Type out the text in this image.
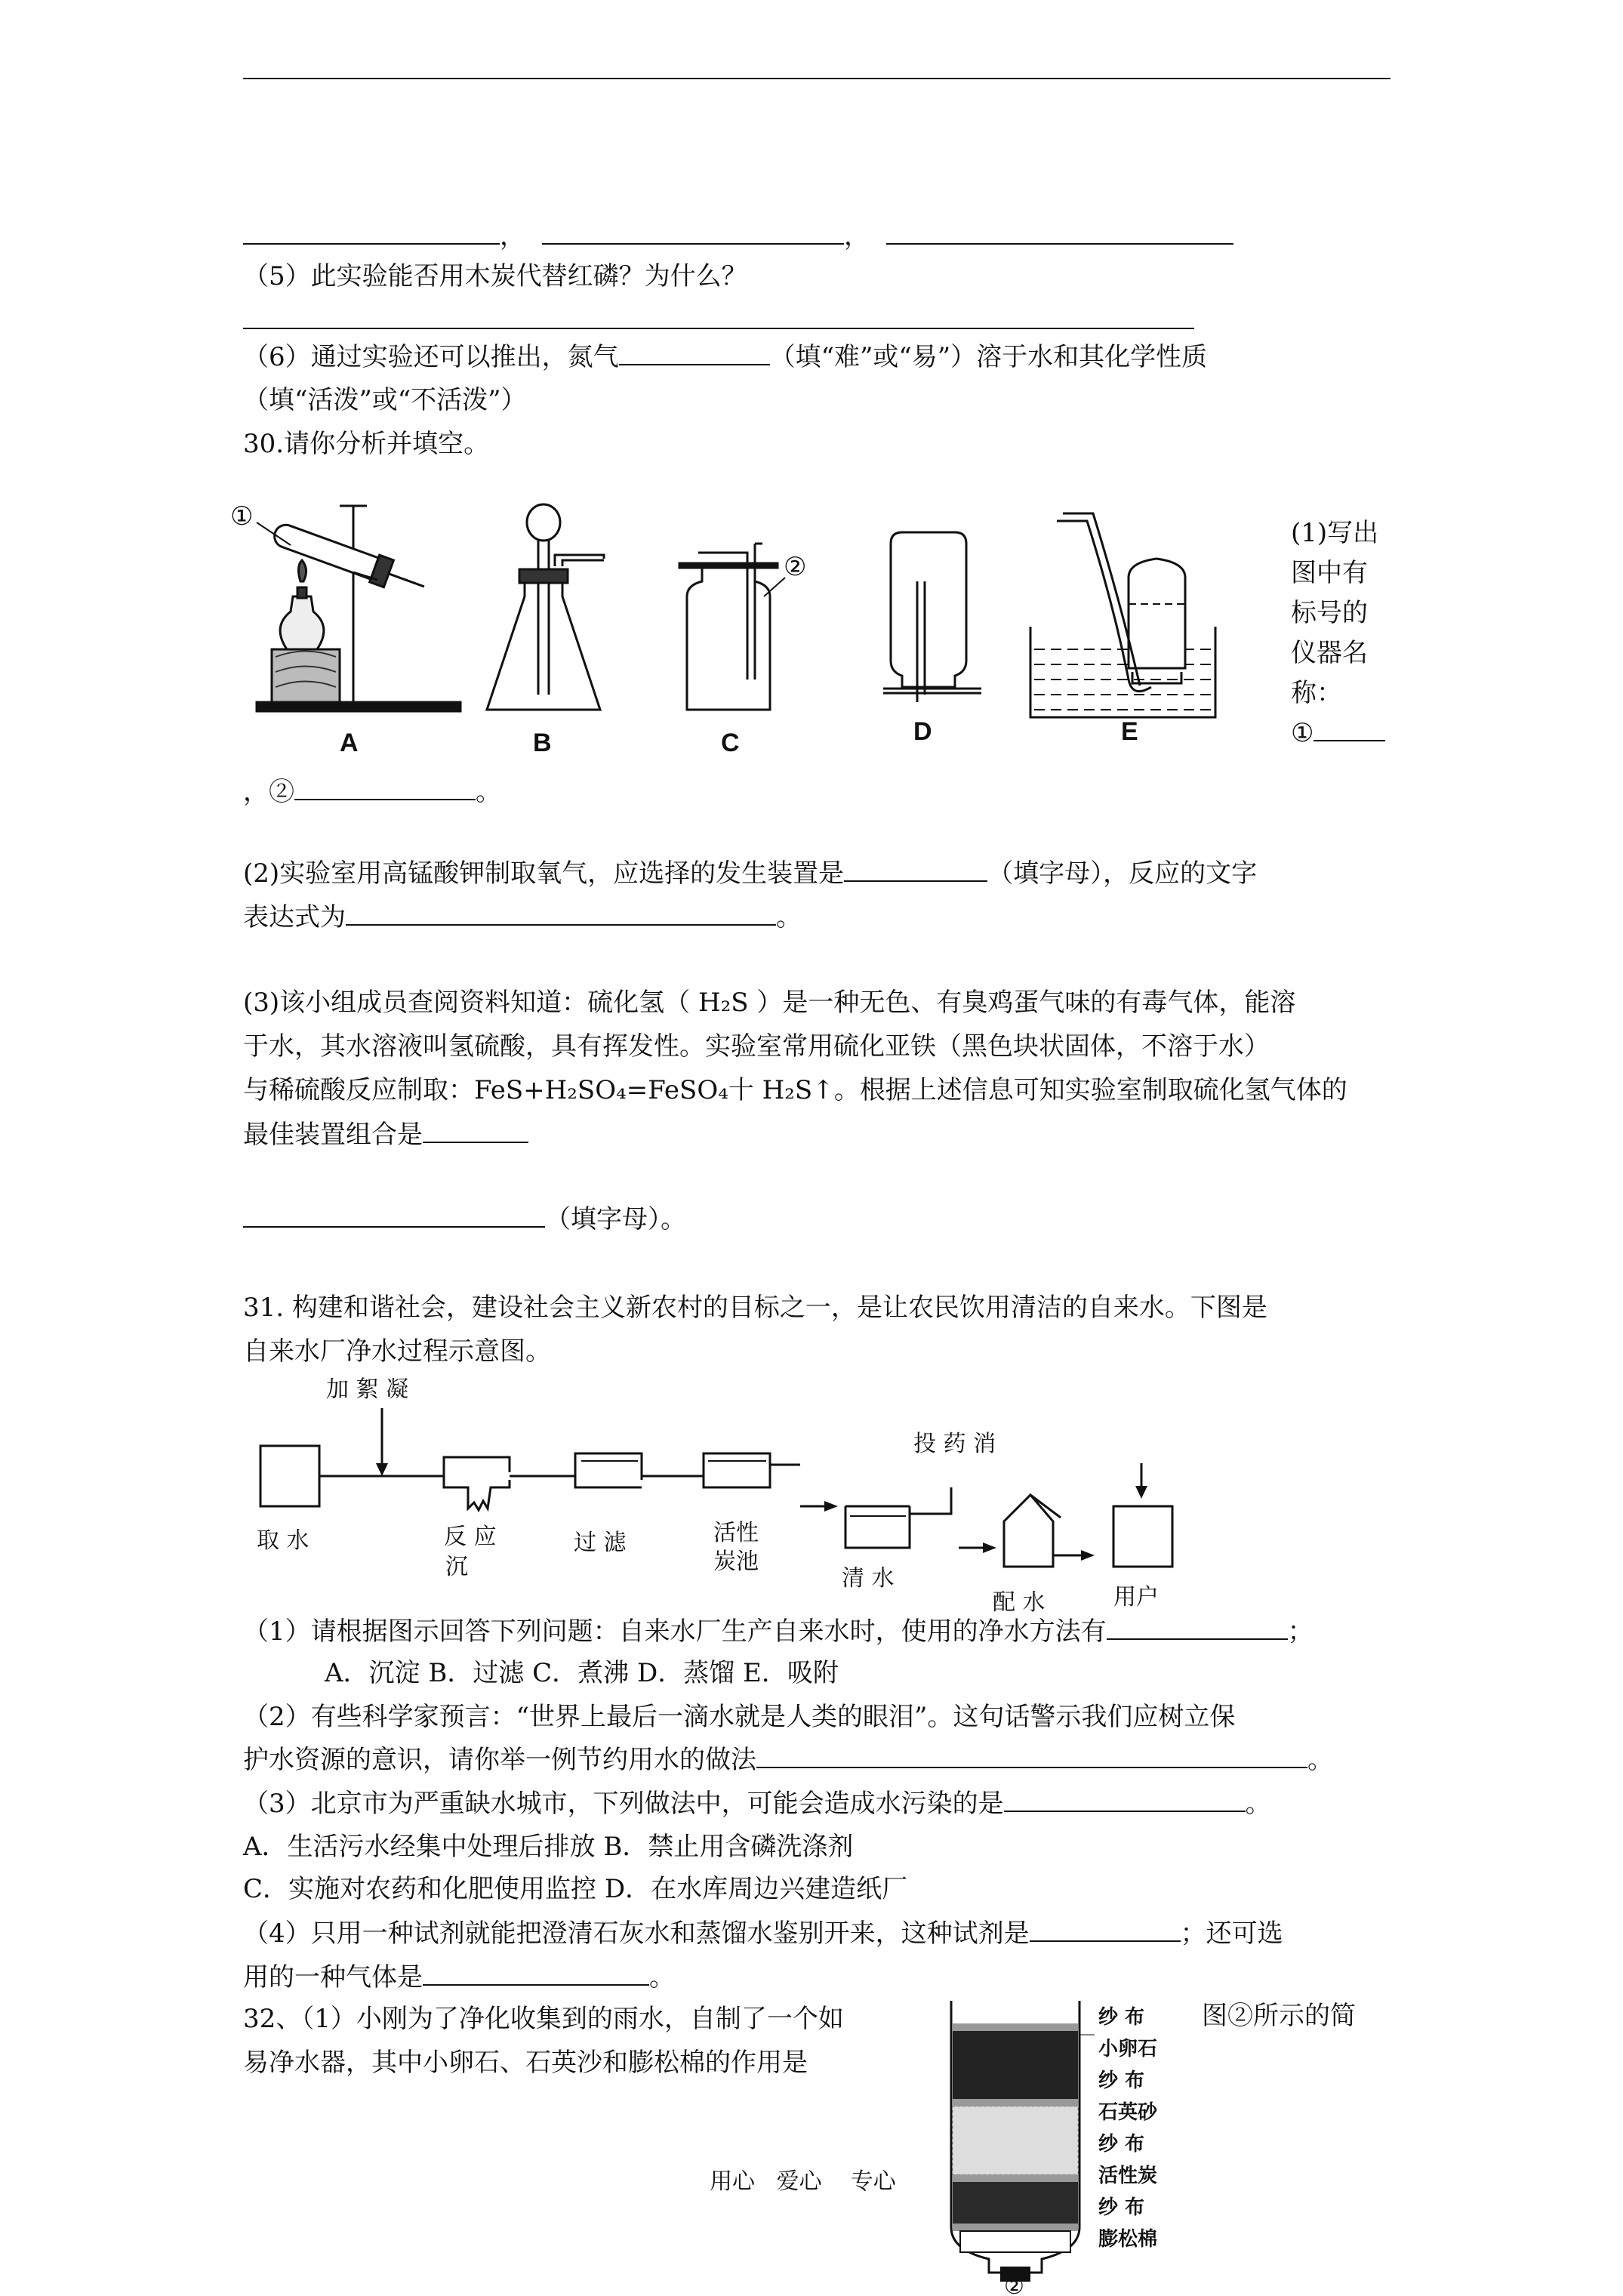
，	，
（5）此实验能否用木炭代替红磷？为什么？
（6）通过实验还可以推出，氮气	（填“难”或“易”）溶于水和其化学性质
（填“活泼”或“不活泼”）
30.请你分析并填空。
①
A	B
②
C	D	E
(1)写出
图中有
标号的
仪器名
称：
①
，②	。
(2)实验室用高锰酸钾制取氧气，应选择的发生装置是	（填字母），反应的文字
表达式为	。
(3)该小组成员查阅资料知道：硫化氢（ H₂S ）是一种无色、有臭鸡蛋气味的有毒气体，能溶
于水，其水溶液叫氢硫酸，具有挥发性。实验室常用硫化亚铁（黑色块状固体，不溶于水）
与稀硫酸反应制取：FeS+H₂SO₄=FeSO₄十 H₂S↑。根据上述信息可知实验室制取硫化氢气体的
最佳装置组合是
（填字母）。
31. 构建和谐社会，建设社会主义新农村的目标之一，是让农民饮用清洁的自来水。下图是
自来水厂净水过程示意图。
加 絮 凝
投 药 消
取 水	反 应
沉
过 滤	活性
炭池
清 水
配 水	用户
（1）请根据图示回答下列问题：自来水厂生产自来水时，使用的净水方法有	；
A．沉淀 B．过滤 C．煮沸 D．蒸馏 E．吸附
（2）有些科学家预言：“世界上最后一滴水就是人类的眼泪”。这句话警示我们应树立保
护水资源的意识，请你举一例节约用水的做法	。
（3）北京市为严重缺水城市，下列做法中，可能会造成水污染的是	。
A．生活污水经集中处理后排放 B．禁止用含磷洗涤剂
C．实施对农药和化肥使用监控 D．在水库周边兴建造纸厂
（4）只用一种试剂就能把澄清石灰水和蒸馏水鉴别开来，这种试剂是	；还可选
用的一种气体是	。
32、（1）小刚为了净化收集到的雨水，自制了一个如	图②所示的简
易净水器，其中小卵石、石英沙和膨松棉的作用是
纱 布
小卵石
纱 布
石英砂
纱 布
活性炭
纱 布
膨松棉
②
用心   爱心    专心
